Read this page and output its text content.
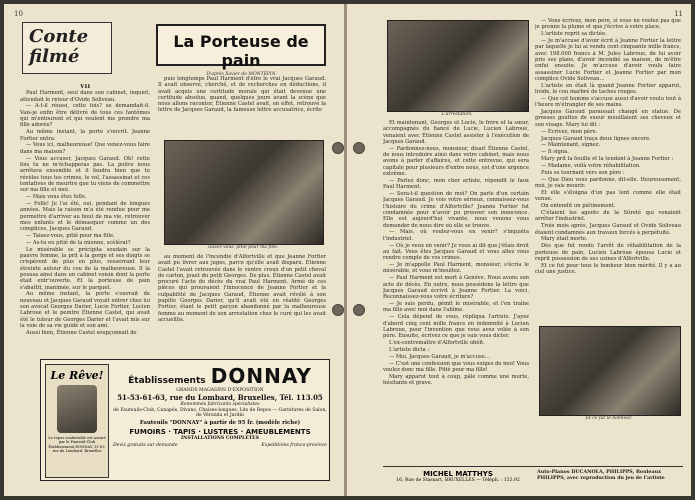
10
Conte filmé
La Porteuse de pain
D'après Xavier de MONTÉPIN
VII

Paul Harment, seul dans son cabinet, inquiet, attendait le retour d'Ovide Soliveau.

— A-t-il réussi, cette fois? se demandait-il. Vais-je enfin être délivré de tous ces fantômes qui m'entourent et qui veulent me prendre ma fille adorée?

Au même instant, la porte s'ouvrit. Jeanne Fortier entra.

— Vous ici, malheureuse! Que venez-vous faire dans ma maison?

— Vous accuser, Jacques Garaud. Oh! cette fois tu ne m'échapperas pas. La police nous arrêtera ensemble et il faudra bien que tu révèles tous tes crimes, le vol, l'assassinat et ces tentatives de meurtre que tu viens de commettre sur ma fille et moi.

— Mais vous êtes folle.

— Folle! Je l'ai été, oui, pendant de longues années. Mais la raison m'a été rendue pour me permettre d'arriver au bout de ma vie, retrouver mes enfants et le démasquer comme un des complices, Jacques Garaud.

— Taisez-vous, pitié pour ma fille.

— As-tu eu pitié de la mienne, scélérat?

Le misérable se précipita soudain sur la pauvre femme, la prit à la gorge et ses doigts se crispèrent de plus en plus, resserrant leur étreinte autour du cou de la malheureuse. Il la poussa ainsi dans un cabinet voisin dont la porte était entr'ouverte. Et la porteuse de pain s'abattit, inanimée, sur le parquet.

Au même instant, la porte s'ouvrait de nouveau et Jacques Garaud voyait entrer chez lui son avocat Georges Darier, Lucie Fortier, Lucien Labroue et le peintre Étienne Castel, qui avait été le tuteur de Georges Darier et l'avait mis sur la voie de sa vie guidé et son ami.

Aussi bien, Étienne Castel soupçonnait de

puis longtemps Paul Harment d'être le vrai Jacques Garaud. Il avait observé, cherché, et de recherches en déductions, il avait acquis une certitude morale qui était devenue une certitude absolue, quand, quelques jours avant la scène que nous allons raconter, Étienne Castel avait, en effet, retrouvé la lettre de Jacques Garaud, la fameuse lettre accusatrice, écrite

Taisez-vous, pitié pour ma fille.

au moment de l'incendie d'Alfortville et que Jeanne Fortier avait pu livrer aux juges, parce qu'elle avait disparu. Étienne Castel l'avait retrouvée dans le ventre creux d'un petit cheval de carton, jouet du petit Georges. De plus, Étienne Castel avait procuré l'acte de décès du vrai Paul Harment. Armé de ces pièces qui prouvaient l'innocence de Jeanne Fortier et la culpabilité de Jacques Garaud, Étienne avait révélé à son pupille Georges Darier, qu'il avait été en réalité Georges Fortier, étant le petit garçon abandonné par la malheureuse femme au moment de son arrestation chez le curé qui les avait accueillis.

Le Rêve!
Le repos confortable est assuré par le Fauteuil-Club Établissement DONNAY, 31-63, rue du Lombard, Bruxelles
Établissements DONNAY
GRANDS MAGASINS D'EXPOSITION
51-53-61-63, rue du Lombard, Bruxelles, Tél. 113.05
Renommés fabricants spécialistes
de Fauteuils-Club, Canapés, Divans, Chaises-longues, Lits de Repos — Garnitures de Salon, de Véranda et Jardin
Fauteuils "DONNAY" à partir de 95 fr. (modèle riche)
FUMOIRS · TAPIS · LUSTRES · AMEUBLEMENTS
INSTALLATIONS COMPLÈTES
Devis gratuits sur demande	Expéditions franco-province
11
L'arrestation.

Et maintenant, Georges et Lucie, le frère et la sœur, accompagnés du fiancé de Lucie, Lucien Labroue, venaient avec Étienne Castel assister à l'exécution de Jacques Garaud.

— Pardonnez-nous, monsieur, disait Étienne Castel, de nous introduire ainsi dans votre cabinet, mais nous avons à parler d'affaires, et cette entrevue, qui sera capitale pour plusieurs d'entre nous, est d'une urgence extrême.

— Parlez donc, mon cher artiste, répondit le faux Paul Harment.

— Sera-t-il question de moi? On parle d'un certain Jacques Garaud. Je vois votre sérieux, connaissez-vous l'histoire du crime d'Alfortville? Jeanne Fortier fut condamnée pour n'avoir pu prouver son innocence. Elle est aujourd'hui vivante, nous venons vous demander de nous dire où elle se trouve.

— Mais, où voulez-vous en venir? s'inquiéta l'industriel.

— Où je veux en venir? Je vous ai dit que j'étais droit au fait. Vous êtes Jacques Garaud et vous allez vous rendre compte de vos crimes.

— Je m'appelle Paul Harment, monsieur, s'écria le misérable, et vous m'insultez.

— Paul Harment est mort à Genève. Nous avons son acte de décès. En outre, nous possédons la lettre que Jacques Garaud écrivit à Jeanne Fortier. La voici. Reconnaissez-vous votre écriture?

— Je suis perdu, gémit le misérable, et l'en traîne ma fille avec moi dans l'abîme.

— Cela dépend de vous, répliqua l'artiste. J'ayez d'abord cinq cent mille francs en indemnité à Lucien Labroue, pour l'invention que vous avez volée à son père. Ensuite, écrivez ce que je vais vous dicter.

L'ex-contremaître d'Alfortville obéit.

L'artiste dicta :

— Moi, Jacques Garaud, je m'accuse...

— C'est une confession que vous exigez de moi! Vous voulez donc ma fille. Pitié pour ma fille!

Mary apparut tout à coup, pâle comme une morte, hésitante et grave.

— Vous écrivez, mon père, si vous ne voulez pas que je prenne la plume et que j'écrive à votre place.

L'artiste reprit sa dictée.

— Je m'accuse d'avoir écrit à Jeanne Fortier la lettre par laquelle je lui ai vendu cent cinquante mille francs, avec 198.000 francs à M. Jules Labroue, de lui avoir pris ses plans, d'avoir incendié sa maison, de m'être enfui ensuite. Je m'accuse d'avoir voulu faire assassiner Lucie Fortier et Jeanne Fortier par mon complice Ovide Soliveau...

L'artiste en était là quand Jeanne Fortier apparut, livide, le cou marbré de taches rouges.

— Que cet homme s'accuse aussi d'avoir voulu tout à l'heure m'étrangler de ses mains.

Jacques Garaud paraissait changé en statue. De grosses gouttes de sueur mouillaient ses cheveux et son visage. Mary lui dit :

— Écrivez, mon père.

Jacques Garaud traça deux lignes encore.

— Maintenant, signez.

— Il signa.

Mary prit la feuille et la tendant à Jeanne Fortier :

— Madame, voilà votre réhabilitation.

Puis se tournant vers son père :

— Que Dieu vous pardonne, dit-elle. Heureusement, moi, je vais mourir.

Et elle s'éloigna d'un pas lent comme elle était venue.

On entendit un piétinement.

C'étaient les agents de la Sûreté qui venaient arrêter l'industriel.

Trois mois après, Jacques Garaud et Ovide Soliveau étaient condamnés aux travaux forcés à perpétuité.

Mary était morte.

Dès que fut rendu l'arrêt de réhabilitation de la porteuse de pain, Lucien Labroue épousa Lucie et reprit possession de ses usines d'Alfortville.

Et ce fut pour tous le bonheur bien mérité. Il y a au ciel une justice.

Et ce fut le bonheur.
MICHEL MATTHYS
16, Rue de Stassart, BRUXELLES — Téléph. : 153.92
Auto-Pianos DUCANOLA, PHILIPPS, Rouleaux PHILIPPS, avec reproduction du jeu de l'artiste
